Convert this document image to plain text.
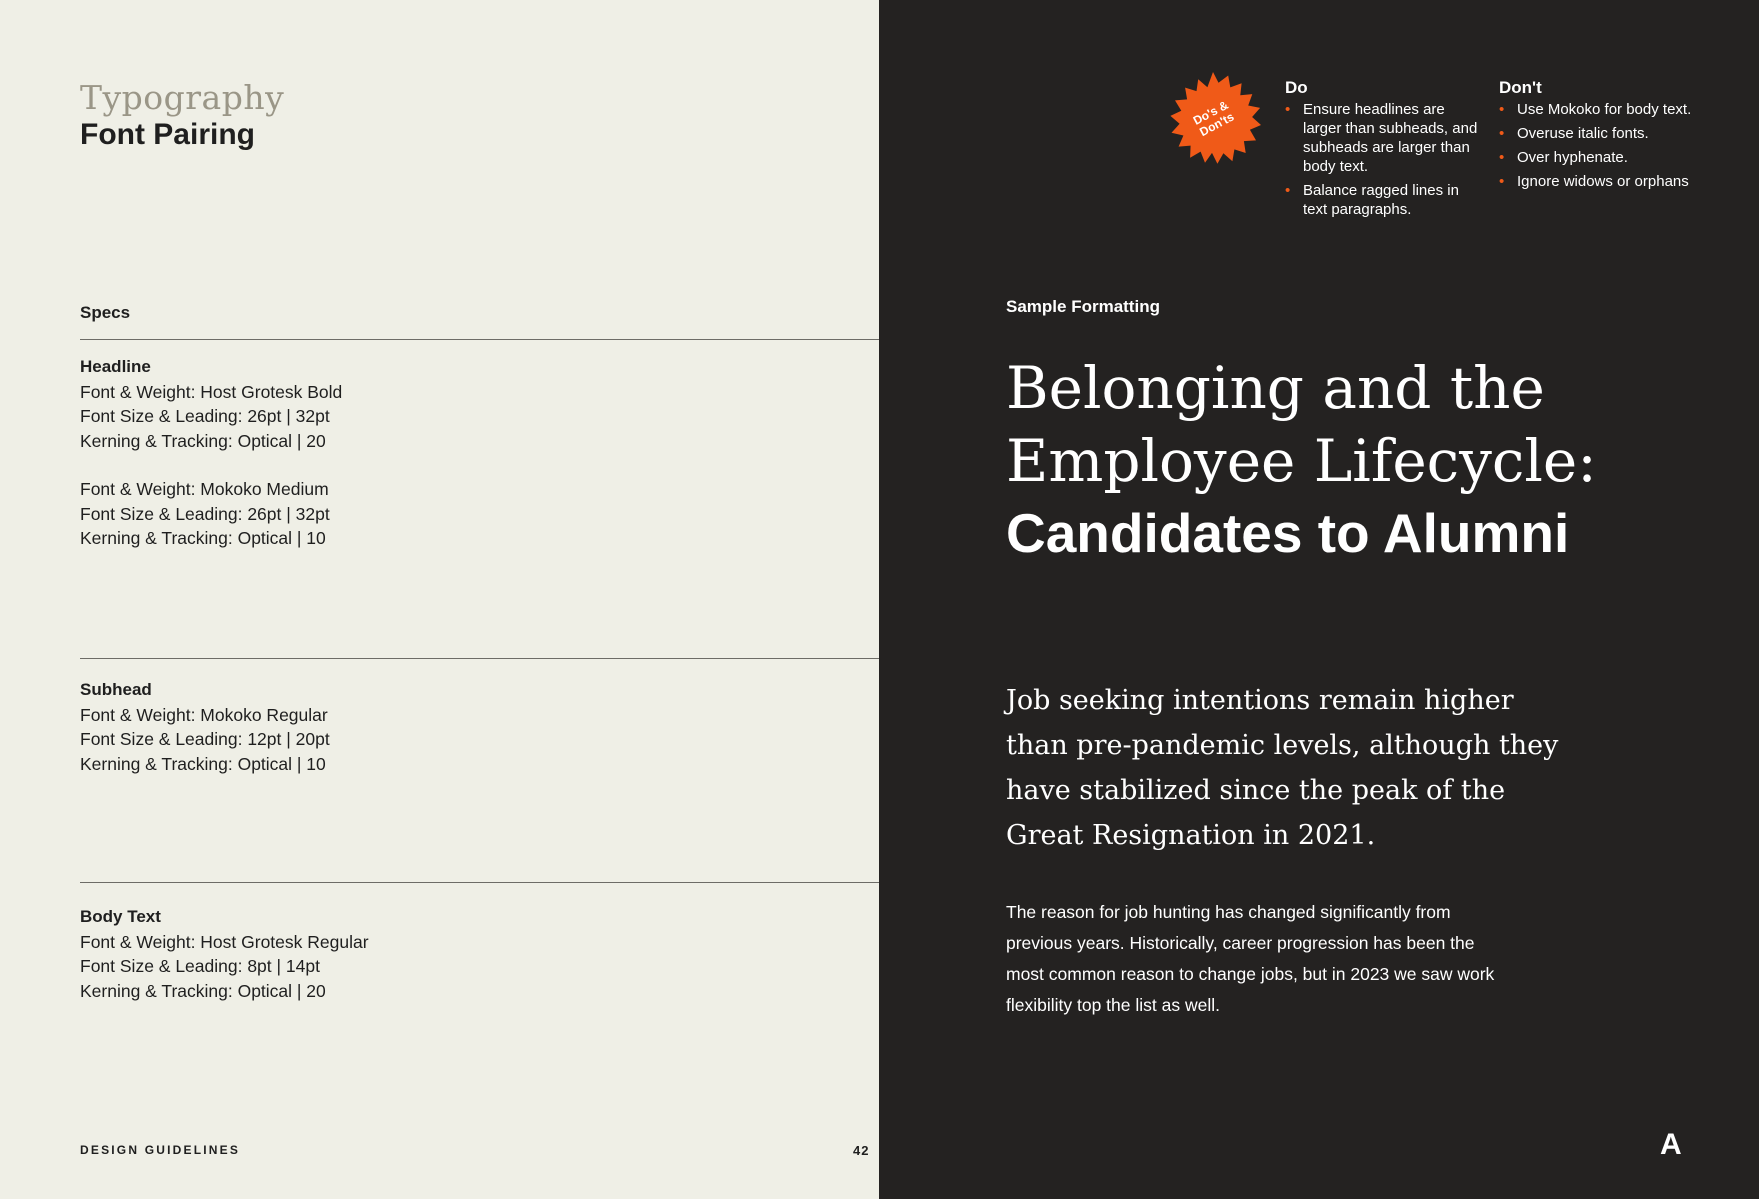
Typography
Font Pairing
Specs
Headline
Font & Weight: Host Grotesk Bold
Font Size & Leading: 26pt | 32pt
Kerning & Tracking: Optical | 20
Font & Weight: Mokoko Medium
Font Size & Leading: 26pt | 32pt
Kerning & Tracking: Optical | 10
Subhead
Font & Weight: Mokoko Regular
Font Size & Leading: 12pt | 20pt
Kerning & Tracking: Optical | 10
Body Text
Font & Weight: Host Grotesk Regular
Font Size & Leading: 8pt | 14pt
Kerning & Tracking: Optical | 20
DESIGN GUIDELINES	42
Do's & Don'ts
Do
• Ensure headlines are larger than subheads, and subheads are larger than body text.
• Balance ragged lines in text paragraphs.
Don't
• Use Mokoko for body text.
• Overuse italic fonts.
• Over hyphenate.
• Ignore widows or orphans
Sample Formatting
Belonging and the
Employee Lifecycle:
Candidates to Alumni
Job seeking intentions remain higher than pre-pandemic levels, although they have stabilized since the peak of the Great Resignation in 2021.
The reason for job hunting has changed significantly from previous years. Historically, career progression has been the most common reason to change jobs, but in 2023 we saw work flexibility top the list as well.
A
